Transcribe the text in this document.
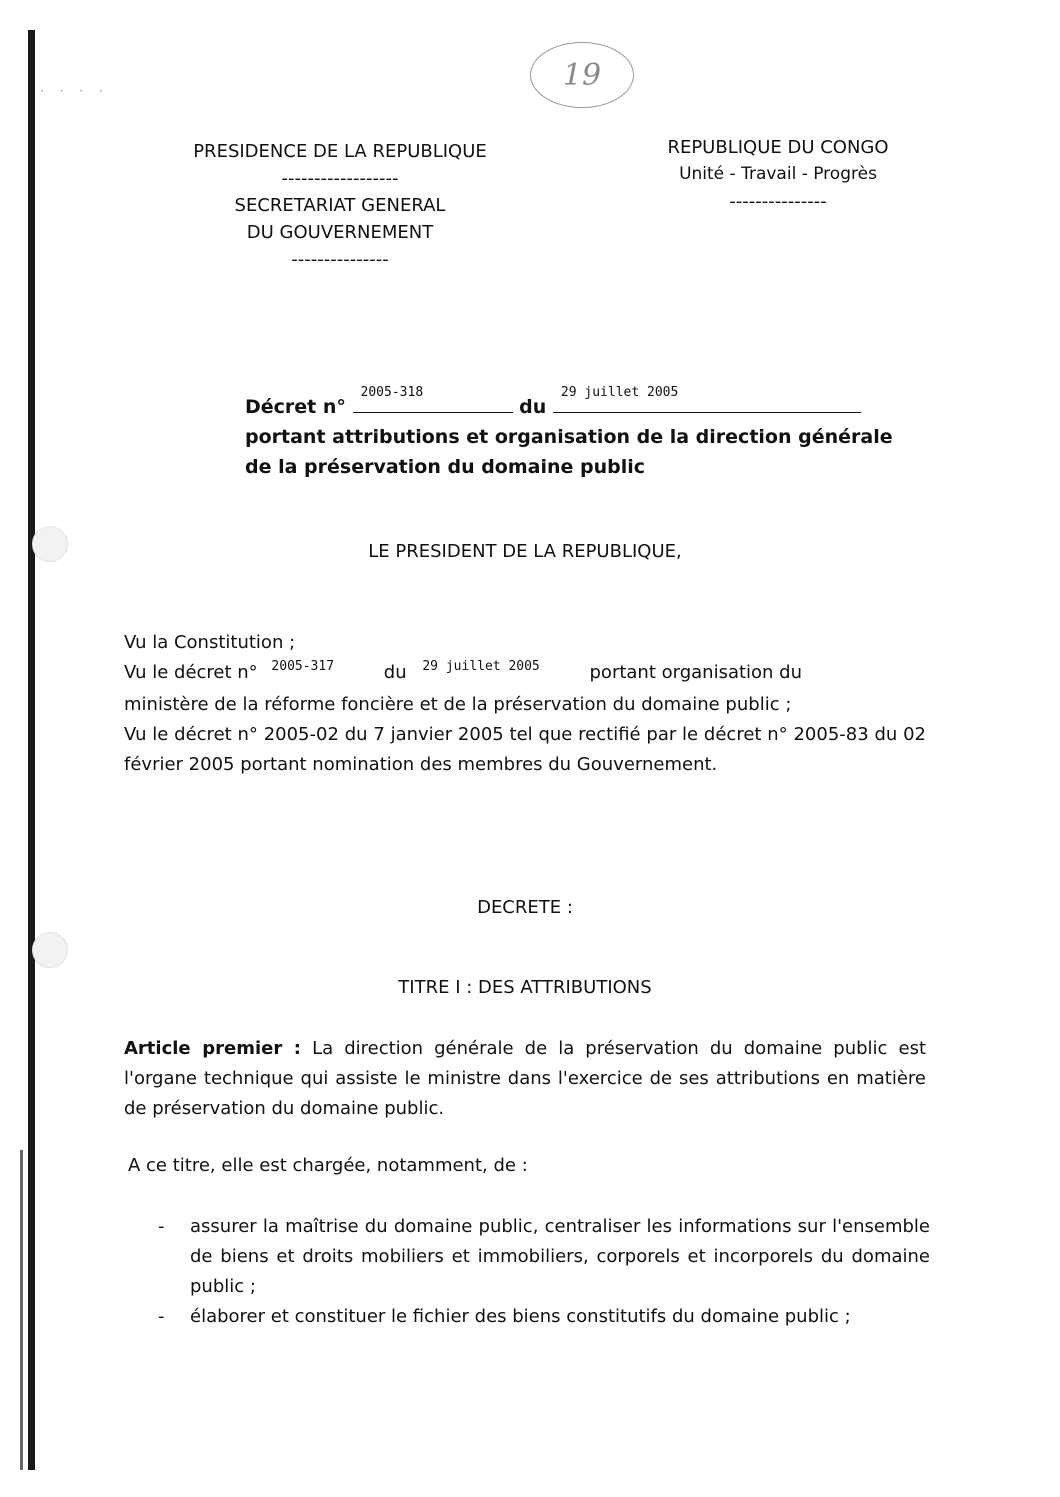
· · · ·	19
PRESIDENCE DE LA REPUBLIQUE
------------------
SECRETARIAT GENERAL
DU GOUVERNEMENT
---------------
REPUBLIQUE DU CONGO
Unité - Travail - Progrès
---------------
Décret n°
2005-318
du
29 juillet 2005
portant attributions et organisation de la direction générale
de la préservation du domaine public
LE PRESIDENT DE LA REPUBLIQUE,
Vu la Constitution ;
Vu le décret n° $^{2005-317}$	du $^{29 juillet 2005}$	portant organisation du
ministère de la réforme foncière et de la préservation du domaine public ;
Vu le décret n° 2005-02 du 7 janvier 2005 tel que rectifié par le décret n° 2005-83 du 02 février 2005 portant nomination des membres du Gouvernement.
DECRETE :
TITRE I : DES ATTRIBUTIONS
Article premier : La direction générale de la préservation du domaine public est l'organe technique qui assiste le ministre dans l'exercice de ses attributions en matière de préservation du domaine public.
A ce titre, elle est chargée, notamment, de :
-	assurer la maîtrise du domaine public, centraliser les informations sur l'ensemble de biens et droits mobiliers et immobiliers, corporels et incorporels du domaine public ;
-	élaborer et constituer le fichier des biens constitutifs du domaine public ;
